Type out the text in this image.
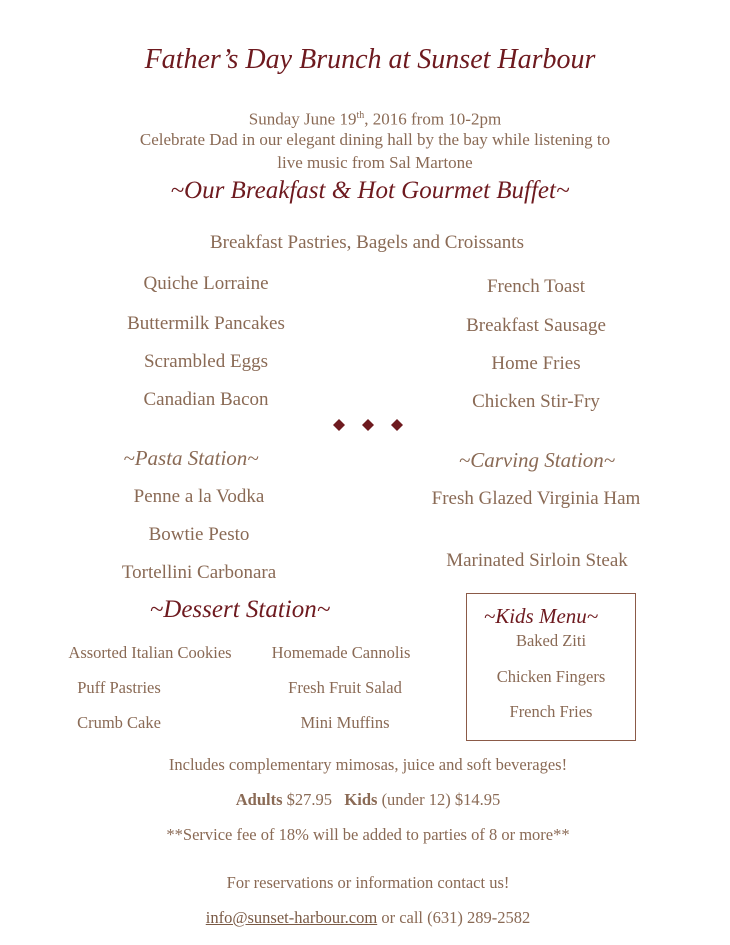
Father’s Day Brunch at Sunset Harbour
Sunday June 19th, 2016 from 10-2pm
Celebrate Dad in our elegant dining hall by the bay while listening to
live music from Sal Martone
~Our Breakfast & Hot Gourmet Buffet~
Breakfast Pastries, Bagels and Croissants
Quiche Lorraine
Buttermilk Pancakes
Scrambled Eggs
Canadian Bacon
French Toast
Breakfast Sausage
Home Fries
Chicken Stir-Fry
~Pasta Station~
Penne a la Vodka
Bowtie Pesto
Tortellini Carbonara
~Carving Station~
Fresh Glazed Virginia Ham
Marinated Sirloin Steak
~Dessert Station~
Assorted Italian Cookies
Puff Pastries
Crumb Cake
Homemade Cannolis
Fresh Fruit Salad
Mini Muffins
~Kids Menu~
Baked Ziti
Chicken Fingers
French Fries
Includes complementary mimosas, juice and soft beverages!
Adults $27.95 Kids (under 12) $14.95
**Service fee of 18% will be added to parties of 8 or more**
For reservations or information contact us!
info@sunset-harbour.com or call (631) 289-2582
